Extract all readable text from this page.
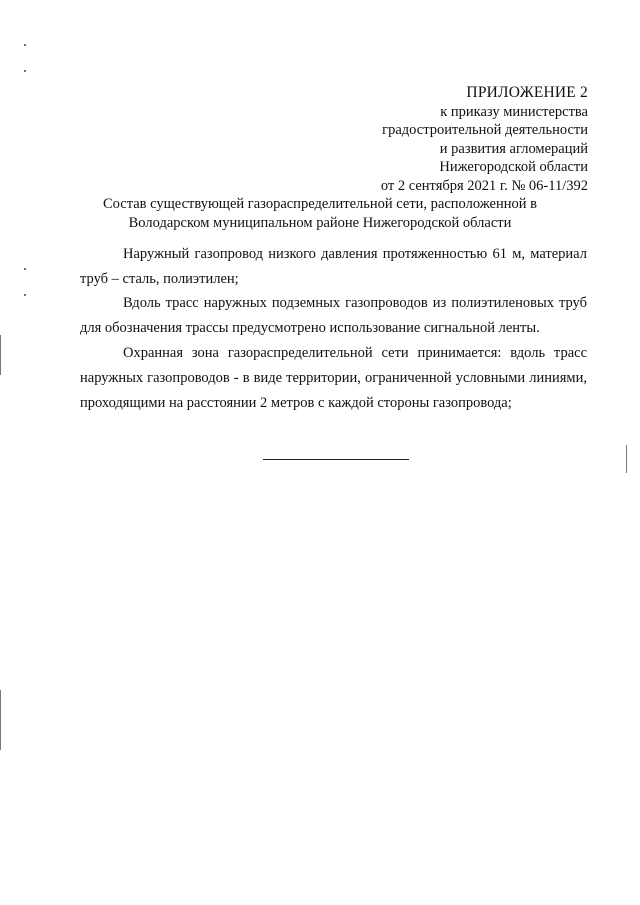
ПРИЛОЖЕНИЕ 2
к приказу министерства
градостроительной деятельности
и развития агломераций
Нижегородской области
от 2 сентября 2021 г. № 06-11/392
Состав существующей газораспределительной сети, расположенной в
Володарском муниципальном районе Нижегородской области

Наружный газопровод низкого давления протяженностью 61 м, материал труб – сталь, полиэтилен;

Вдоль трасс наружных подземных газопроводов из полиэтиленовых труб для обозначения трассы предусмотрено использование сигнальной ленты.

Охранная зона газораспределительной сети принимается: вдоль трасс наружных газопроводов - в виде территории, ограниченной условными линиями, проходящими на расстоянии 2 метров с каждой стороны газопровода;
